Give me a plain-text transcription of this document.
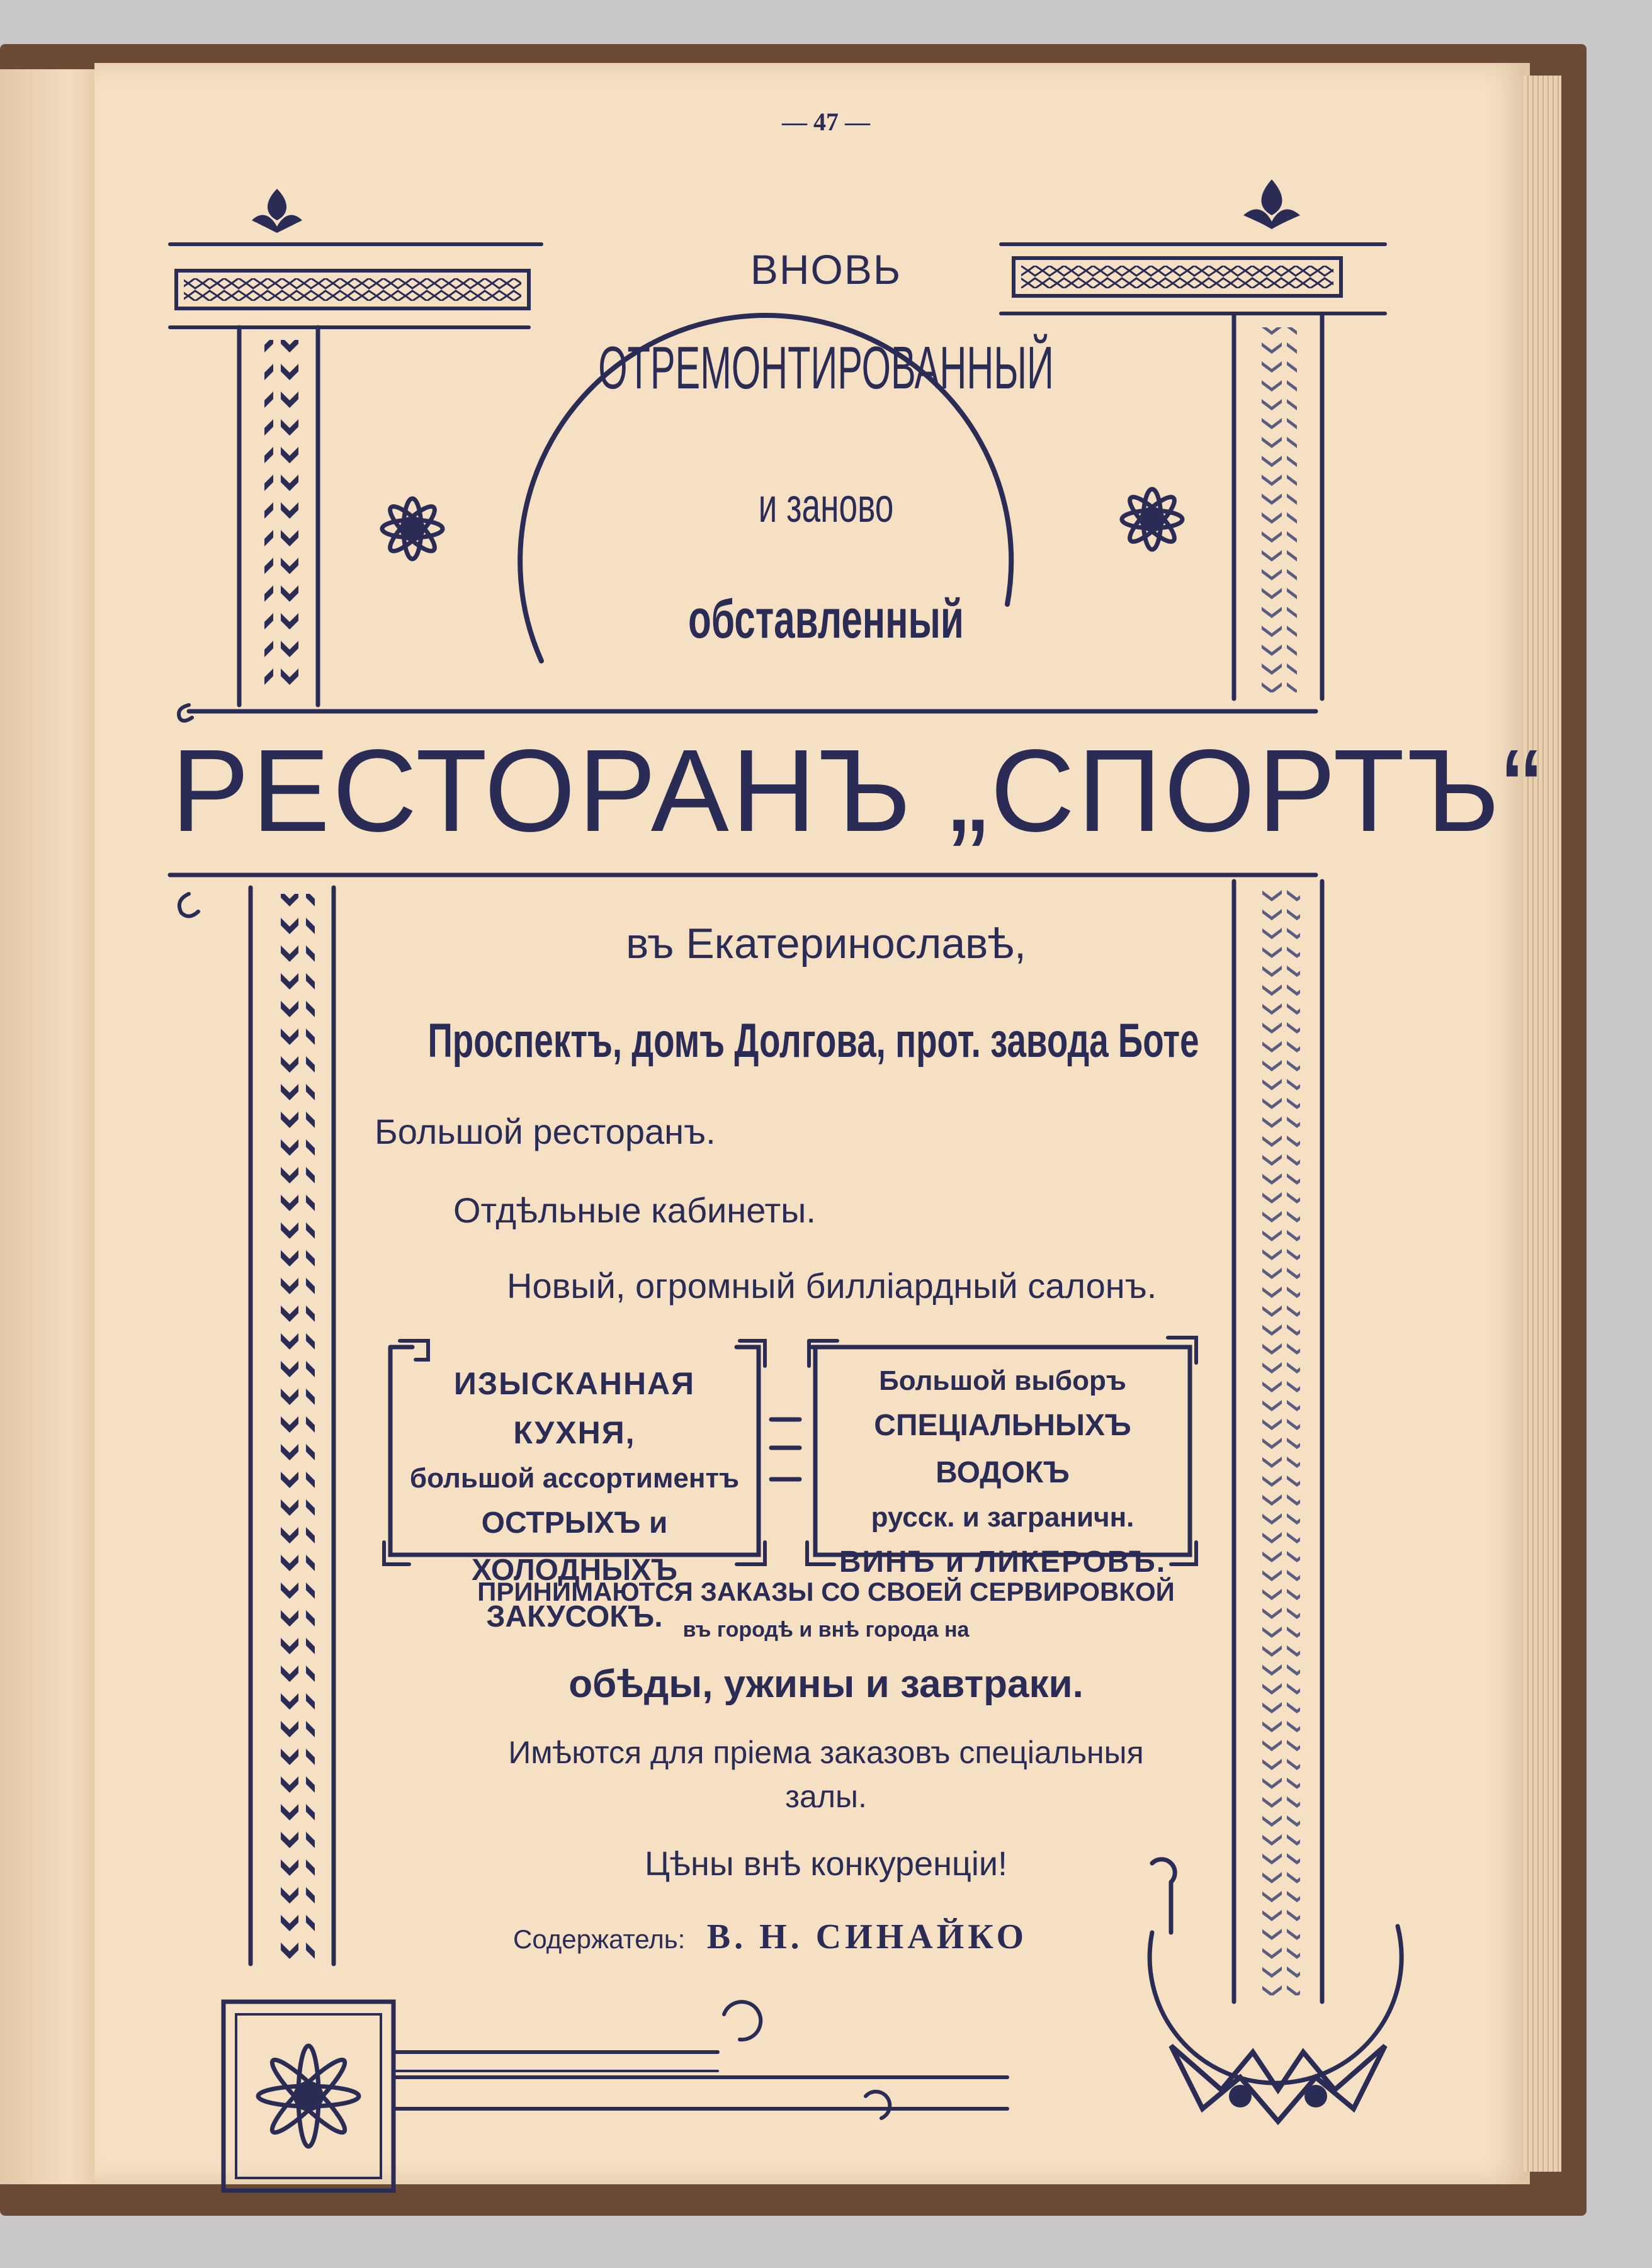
— 47 —
ВНОВЬ
ОТРЕМОНТИРОВАННЫЙ
и заново
обставленный
РЕСТОРАНЪ „СПОРТЪ“
въ Екатеринославѣ,
Проспектъ, домъ Долгова, прот. завода Боте
Большой ресторанъ.
Отдѣльные кабинеты.
Новый, огромный билліардный салонъ.
ИЗЫСКАННАЯ КУХНЯ,
большой ассортиментъ
ОСТРЫХЪ и ХОЛОДНЫХЪ
ЗАКУСОКЪ.
Большой выборъ
СПЕЦІАЛЬНЫХЪ ВОДОКЪ
русск. и заграничн.
ВИНЪ и ЛИКЕРОВЪ.
ПРИНИМАЮТСЯ ЗАКАЗЫ СО СВОЕЙ СЕРВИРОВКОЙ
въ городѣ и внѣ города на
обѣды, ужины и завтраки.
Имѣются для пріема заказовъ спеціальныя
залы.
Цѣны внѣ конкуренціи!
Содержатель: В. Н. СИНАЙКО
